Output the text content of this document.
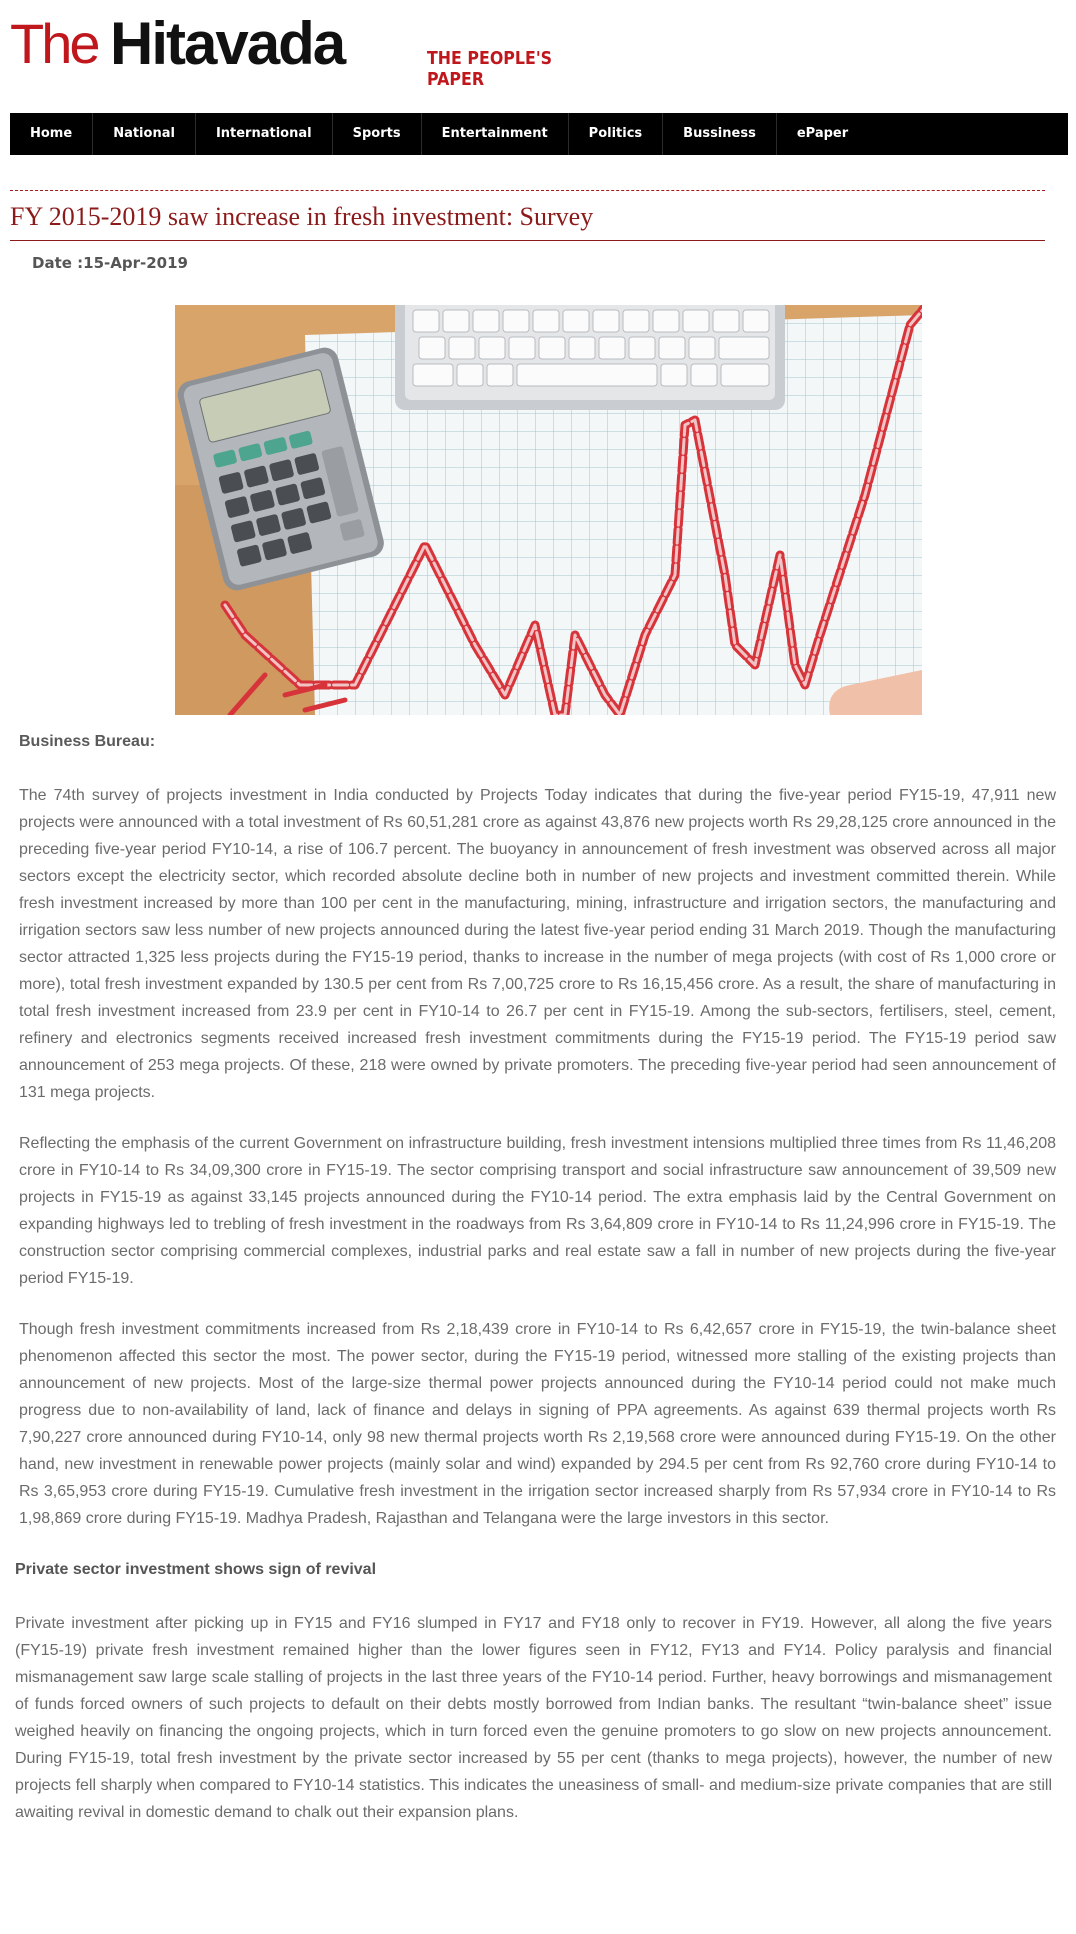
The Hitavada	THE PEOPLE'S PAPER
Home	National	International	Sports	Entertainment	Politics	Bussiness	ePaper
FY 2015-2019 saw increase in fresh investment: Survey
Date :15-Apr-2019

Business Bureau:

The 74th survey of projects investment in India conducted by Projects Today indicates that during the five-year period FY15-19, 47,911 new projects were announced with a total investment of Rs 60,51,281 crore as against 43,876 new projects worth Rs 29,28,125 crore announced in the preceding five-year period FY10-14, a rise of 106.7 percent. The buoyancy in announcement of fresh investment was observed across all major sectors except the electricity sector, which recorded absolute decline both in number of new projects and investment committed therein. While fresh investment increased by more than 100 per cent in the manufacturing, mining, infrastructure and irrigation sectors, the manufacturing and irrigation sectors saw less number of new projects announced during the latest five-year period ending 31 March 2019. Though the manufacturing sector attracted 1,325 less projects during the FY15-19 period, thanks to increase in the number of mega projects (with cost of Rs 1,000 crore or more), total fresh investment expanded by 130.5 per cent from Rs 7,00,725 crore to Rs 16,15,456 crore. As a result, the share of manufacturing in total fresh investment increased from 23.9 per cent in FY10-14 to 26.7 per cent in FY15-19. Among the sub-sectors, fertilisers, steel, cement, refinery and electronics segments received increased fresh investment commitments during the FY15-19 period. The FY15-19 period saw announcement of 253 mega projects. Of these, 218 were owned by private promoters. The preceding five-year period had seen announcement of 131 mega projects.

Reflecting the emphasis of the current Government on infrastructure building, fresh investment intensions multiplied three times from Rs 11,46,208 crore in FY10-14 to Rs 34,09,300 crore in FY15-19. The sector comprising transport and social infrastructure saw announcement of 39,509 new projects in FY15-19 as against 33,145 projects announced during the FY10-14 period. The extra emphasis laid by the Central Government on expanding highways led to trebling of fresh investment in the roadways from Rs 3,64,809 crore in FY10-14 to Rs 11,24,996 crore in FY15-19. The construction sector comprising commercial complexes, industrial parks and real estate saw a fall in number of new projects during the five-year period FY15-19.

Though fresh investment commitments increased from Rs 2,18,439 crore in FY10-14 to Rs 6,42,657 crore in FY15-19, the twin-balance sheet phenomenon affected this sector the most. The power sector, during the FY15-19 period, witnessed more stalling of the existing projects than announcement of new projects. Most of the large-size thermal power projects announced during the FY10-14 period could not make much progress due to non-availability of land, lack of finance and delays in signing of PPA agreements. As against 639 thermal projects worth Rs 7,90,227 crore announced during FY10-14, only 98 new thermal projects worth Rs 2,19,568 crore were announced during FY15-19. On the other hand, new investment in renewable power projects (mainly solar and wind) expanded by 294.5 per cent from Rs 92,760 crore during FY10-14 to Rs 3,65,953 crore during FY15-19. Cumulative fresh investment in the irrigation sector increased sharply from Rs 57,934 crore in FY10-14 to Rs 1,98,869 crore during FY15-19. Madhya Pradesh, Rajasthan and Telangana were the large investors in this sector.

Private sector investment shows sign of revival

Private investment after picking up in FY15 and FY16 slumped in FY17 and FY18 only to recover in FY19. However, all along the five years (FY15-19) private fresh investment remained higher than the lower figures seen in FY12, FY13 and FY14. Policy paralysis and financial mismanagement saw large scale stalling of projects in the last three years of the FY10-14 period. Further, heavy borrowings and mismanagement of funds forced owners of such projects to default on their debts mostly borrowed from Indian banks. The resultant “twin-balance sheet” issue weighed heavily on financing the ongoing projects, which in turn forced even the genuine promoters to go slow on new projects announcement. During FY15-19, total fresh investment by the private sector increased by 55 per cent (thanks to mega projects), however, the number of new projects fell sharply when compared to FY10-14 statistics. This indicates the uneasiness of small- and medium-size private companies that are still awaiting revival in domestic demand to chalk out their expansion plans.
